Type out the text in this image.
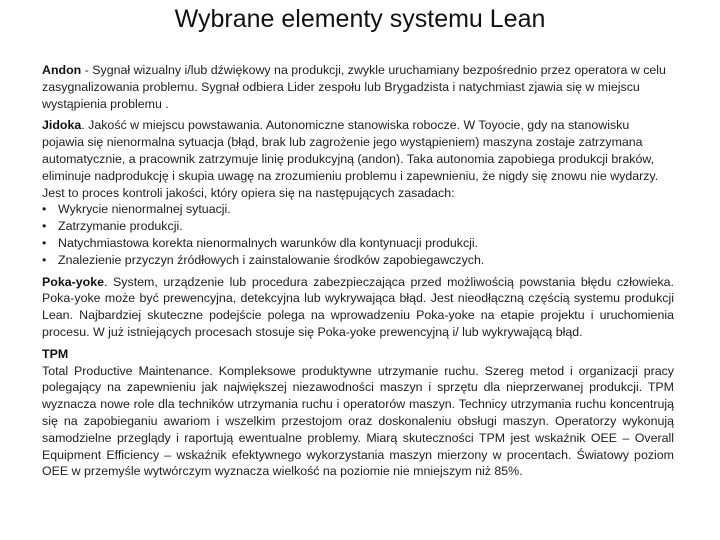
Wybrane elementy systemu Lean

Andon - Sygnał wizualny i/lub dźwiękowy na produkcji, zwykle uruchamiany bezpośrednio przez operatora w celu zasygnalizowania problemu. Sygnał odbiera Lider zespołu lub Brygadzista i natychmiast zjawia się w miejscu wystąpienia problemu .

Jidoka. Jakość w miejscu powstawania. Autonomiczne stanowiska robocze. W Toyocie, gdy na stanowisku pojawia się nienormalna sytuacja (błąd, brak lub zagrożenie jego wystąpieniem) maszyna zostaje zatrzymana automatycznie, a pracownik zatrzymuje linię produkcyjną (andon). Taka autonomia zapobiega produkcji braków, eliminuje nadprodukcję i skupia uwagę na zrozumieniu problemu i zapewnieniu, że nigdy się znowu nie wydarzy. Jest to proces kontroli jakości, który opiera się na następujących zasadach:
• Wykrycie nienormalnej sytuacji.
• Zatrzymanie produkcji.
• Natychmiastowa korekta nienormalnych warunków dla kontynuacji produkcji.
• Znalezienie przyczyn źródłowych i zainstalowanie środków zapobiegawczych.

Poka-yoke. System, urządzenie lub procedura zabezpieczająca przed możliwością powstania błędu człowieka. Poka-yoke może być prewencyjna, detekcyjna lub wykrywająca błąd. Jest nieodłączną częścią systemu produkcji Lean. Najbardziej skuteczne podejście polega na wprowadzeniu Poka-yoke na etapie projektu i uruchomienia procesu. W już istniejących procesach stosuje się Poka-yoke prewencyjną i/ lub wykrywającą błąd.

TPM

Total Productive Maintenance. Kompleksowe produktywne utrzymanie ruchu. Szereg metod i organizacji pracy polegający na zapewnieniu jak największej niezawodności maszyn i sprzętu dla nieprzerwanej produkcji. TPM wyznacza nowe role dla techników utrzymania ruchu i operatorów maszyn. Technicy utrzymania ruchu koncentrują się na zapobieganiu awariom i wszelkim przestojom oraz doskonaleniu obsługi maszyn. Operatorzy wykonują samodzielne przeglądy i raportują ewentualne problemy. Miarą skuteczności TPM jest wskaźnik OEE – Overall Equipment Efficiency – wskaźnik efektywnego wykorzystania maszyn mierzony w procentach. Światowy poziom OEE w przemyśle wytwórczym wyznacza wielkość na poziomie nie mniejszym niż 85%.
